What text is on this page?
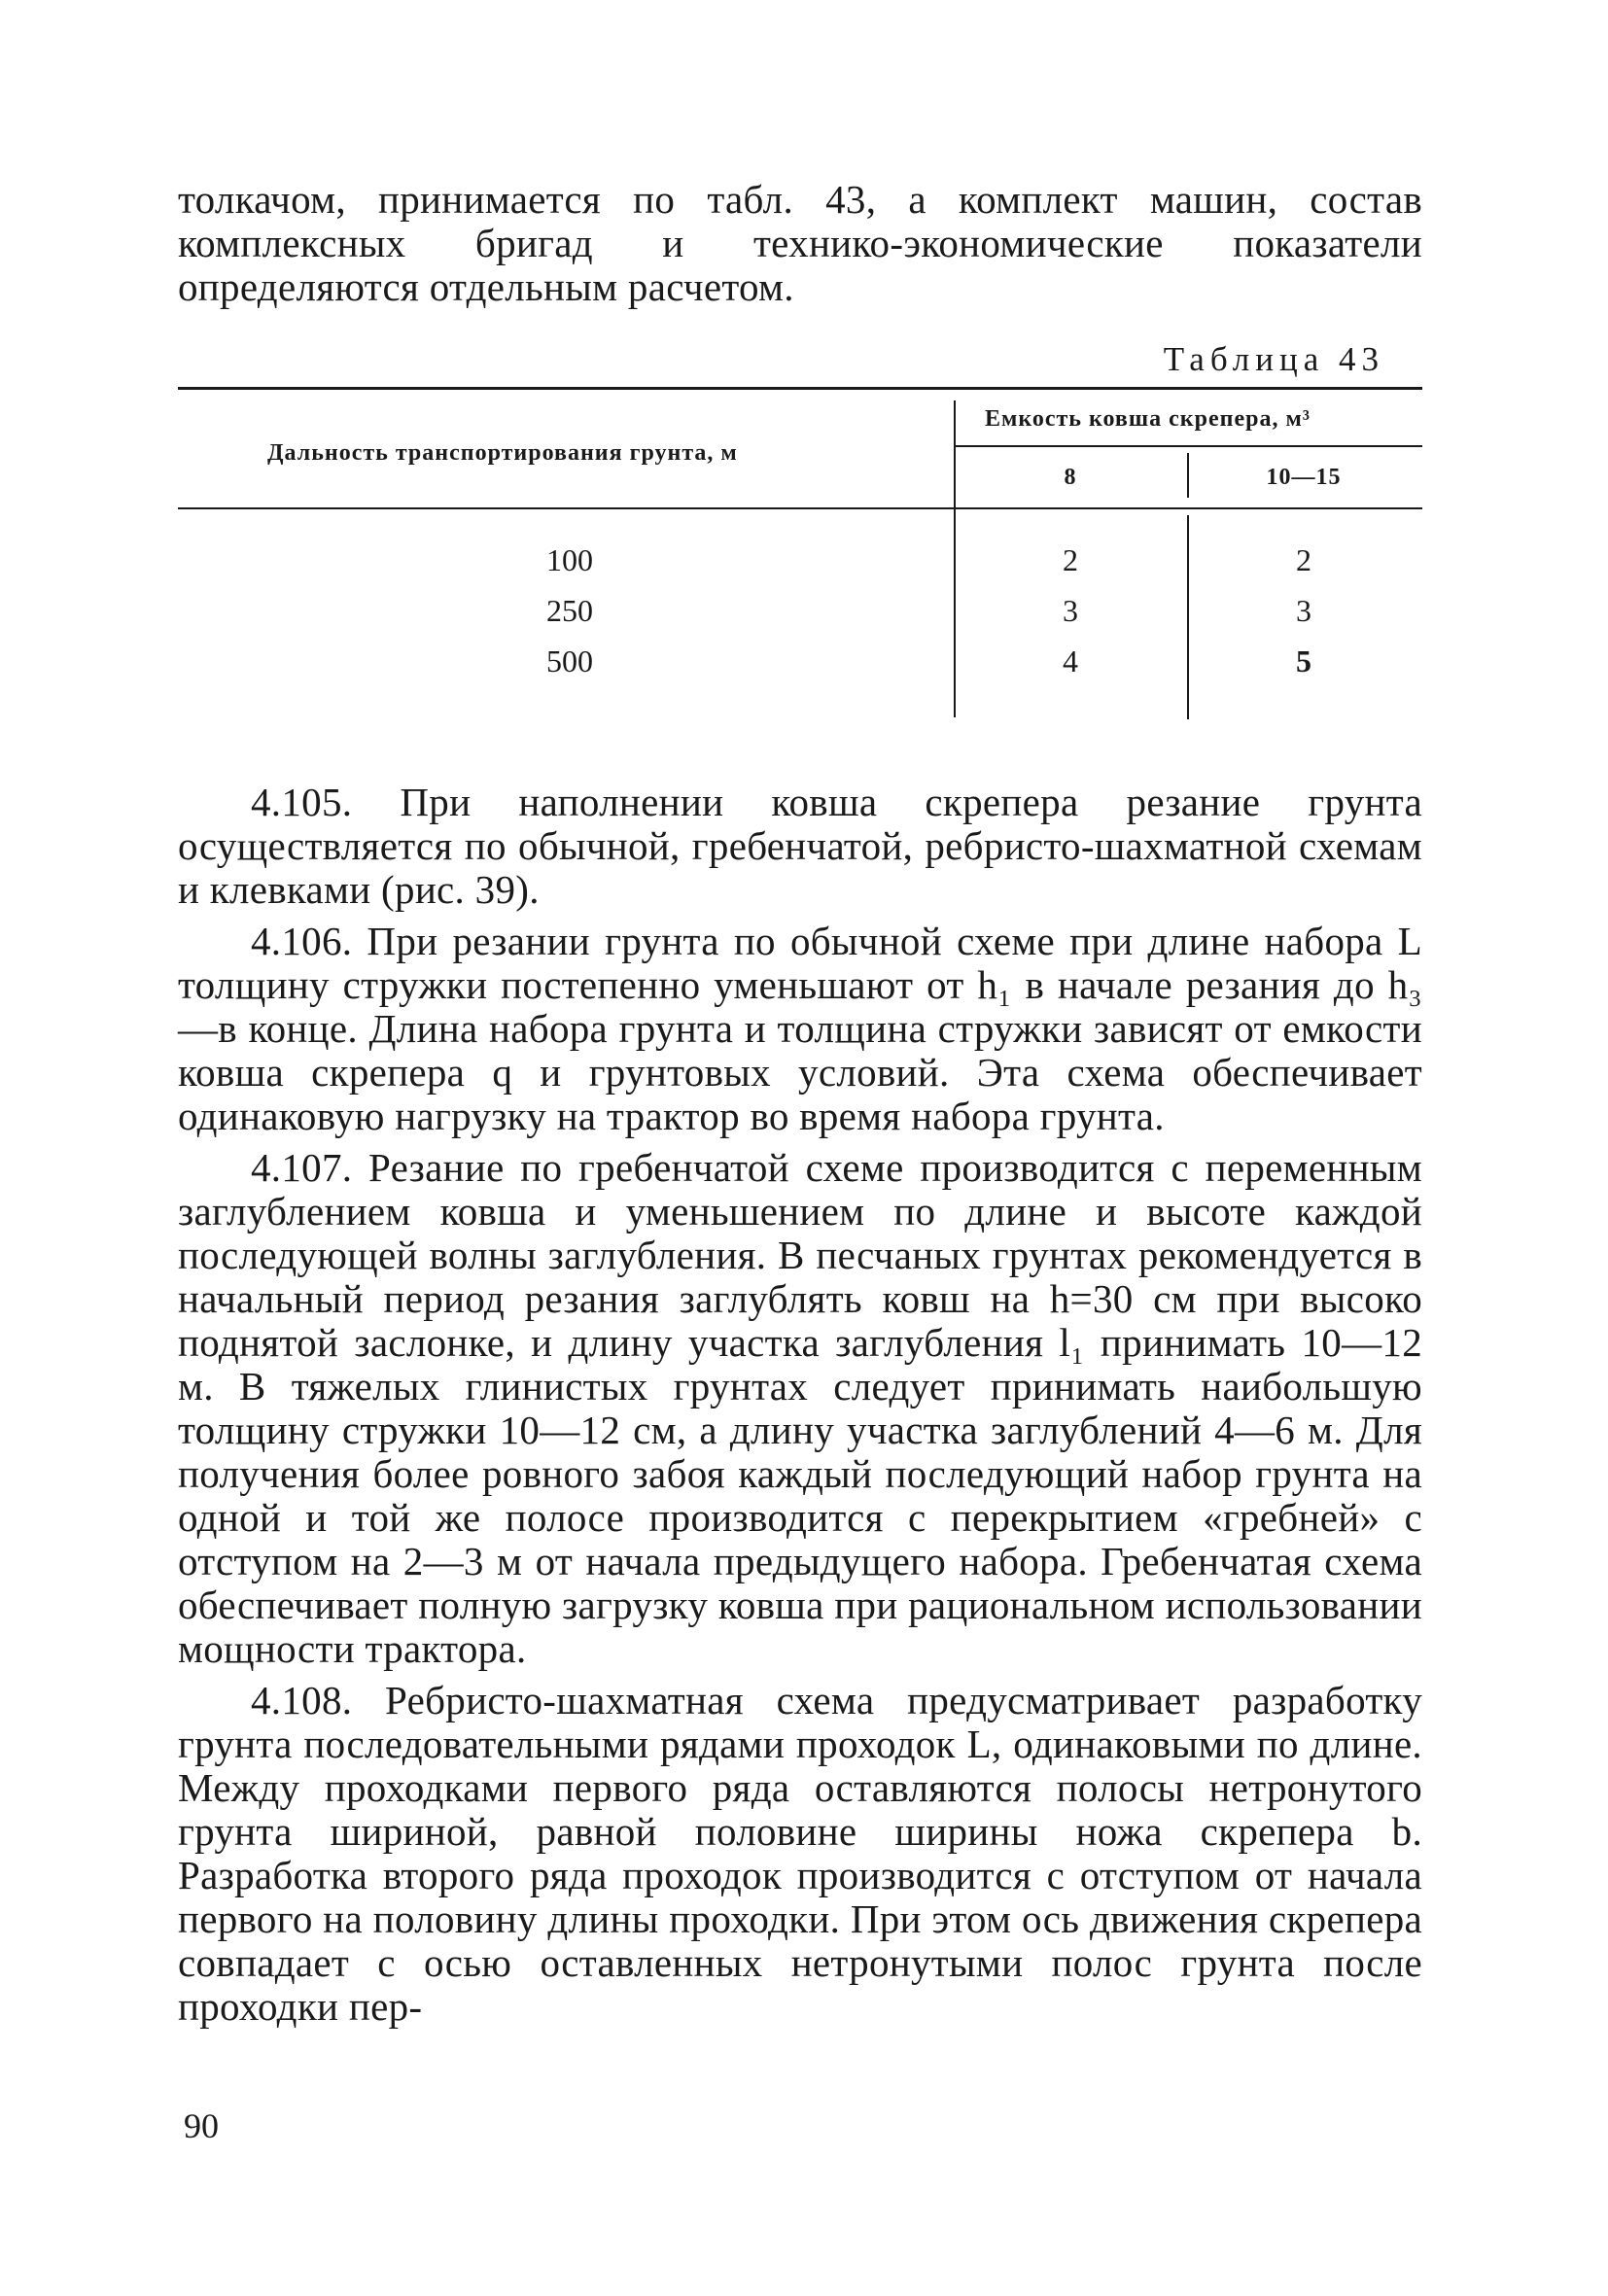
толкачом, принимается по табл. 43, а комплект машин, состав комплексных бригад и технико-экономические показатели определяются отдельным расчетом.

Таблица 43
Дальность транспортирования грунта, м
Емкость ковша скрепера, м³
8	10—15
100	2	2
250	3	3
500	4	5

4.105. При наполнении ковша скрепера резание грунта осуществляется по обычной, гребенчатой, ребристо-шахматной схемам и клевками (рис. 39).

4.106. При резании грунта по обычной схеме при длине набора L толщину стружки постепенно уменьшают от h₁ в начале резания до h₃—в конце. Длина набора грунта и толщина стружки зависят от емкости ковша скрепера q и грунтовых условий. Эта схема обеспечивает одинаковую нагрузку на трактор во время набора грунта.

4.107. Резание по гребенчатой схеме производится с переменным заглублением ковша и уменьшением по длине и высоте каждой последующей волны заглубления. В песчаных грунтах рекомендуется в начальный период резания заглублять ковш на h=30 см при высоко поднятой заслонке, и длину участка заглубления l₁ принимать 10—12 м. В тяжелых глинистых грунтах следует принимать наибольшую толщину стружки 10—12 см, а длину участка заглублений 4—6 м. Для получения более ровного забоя каждый последующий набор грунта на одной и той же полосе производится с перекрытием «гребней» с отступом на 2—3 м от начала предыдущего набора. Гребенчатая схема обеспечивает полную загрузку ковша при рациональном использовании мощности трактора.

4.108. Ребристо-шахматная схема предусматривает разработку грунта последовательными рядами проходок L, одинаковыми по длине. Между проходками первого ряда оставляются полосы нетронутого грунта шириной, равной половине ширины ножа скрепера b. Разработка второго ряда проходок производится с отступом от начала первого на половину длины проходки. При этом ось движения скрепера совпадает с осью оставленных нетронутыми полос грунта после проходки пер-

90
